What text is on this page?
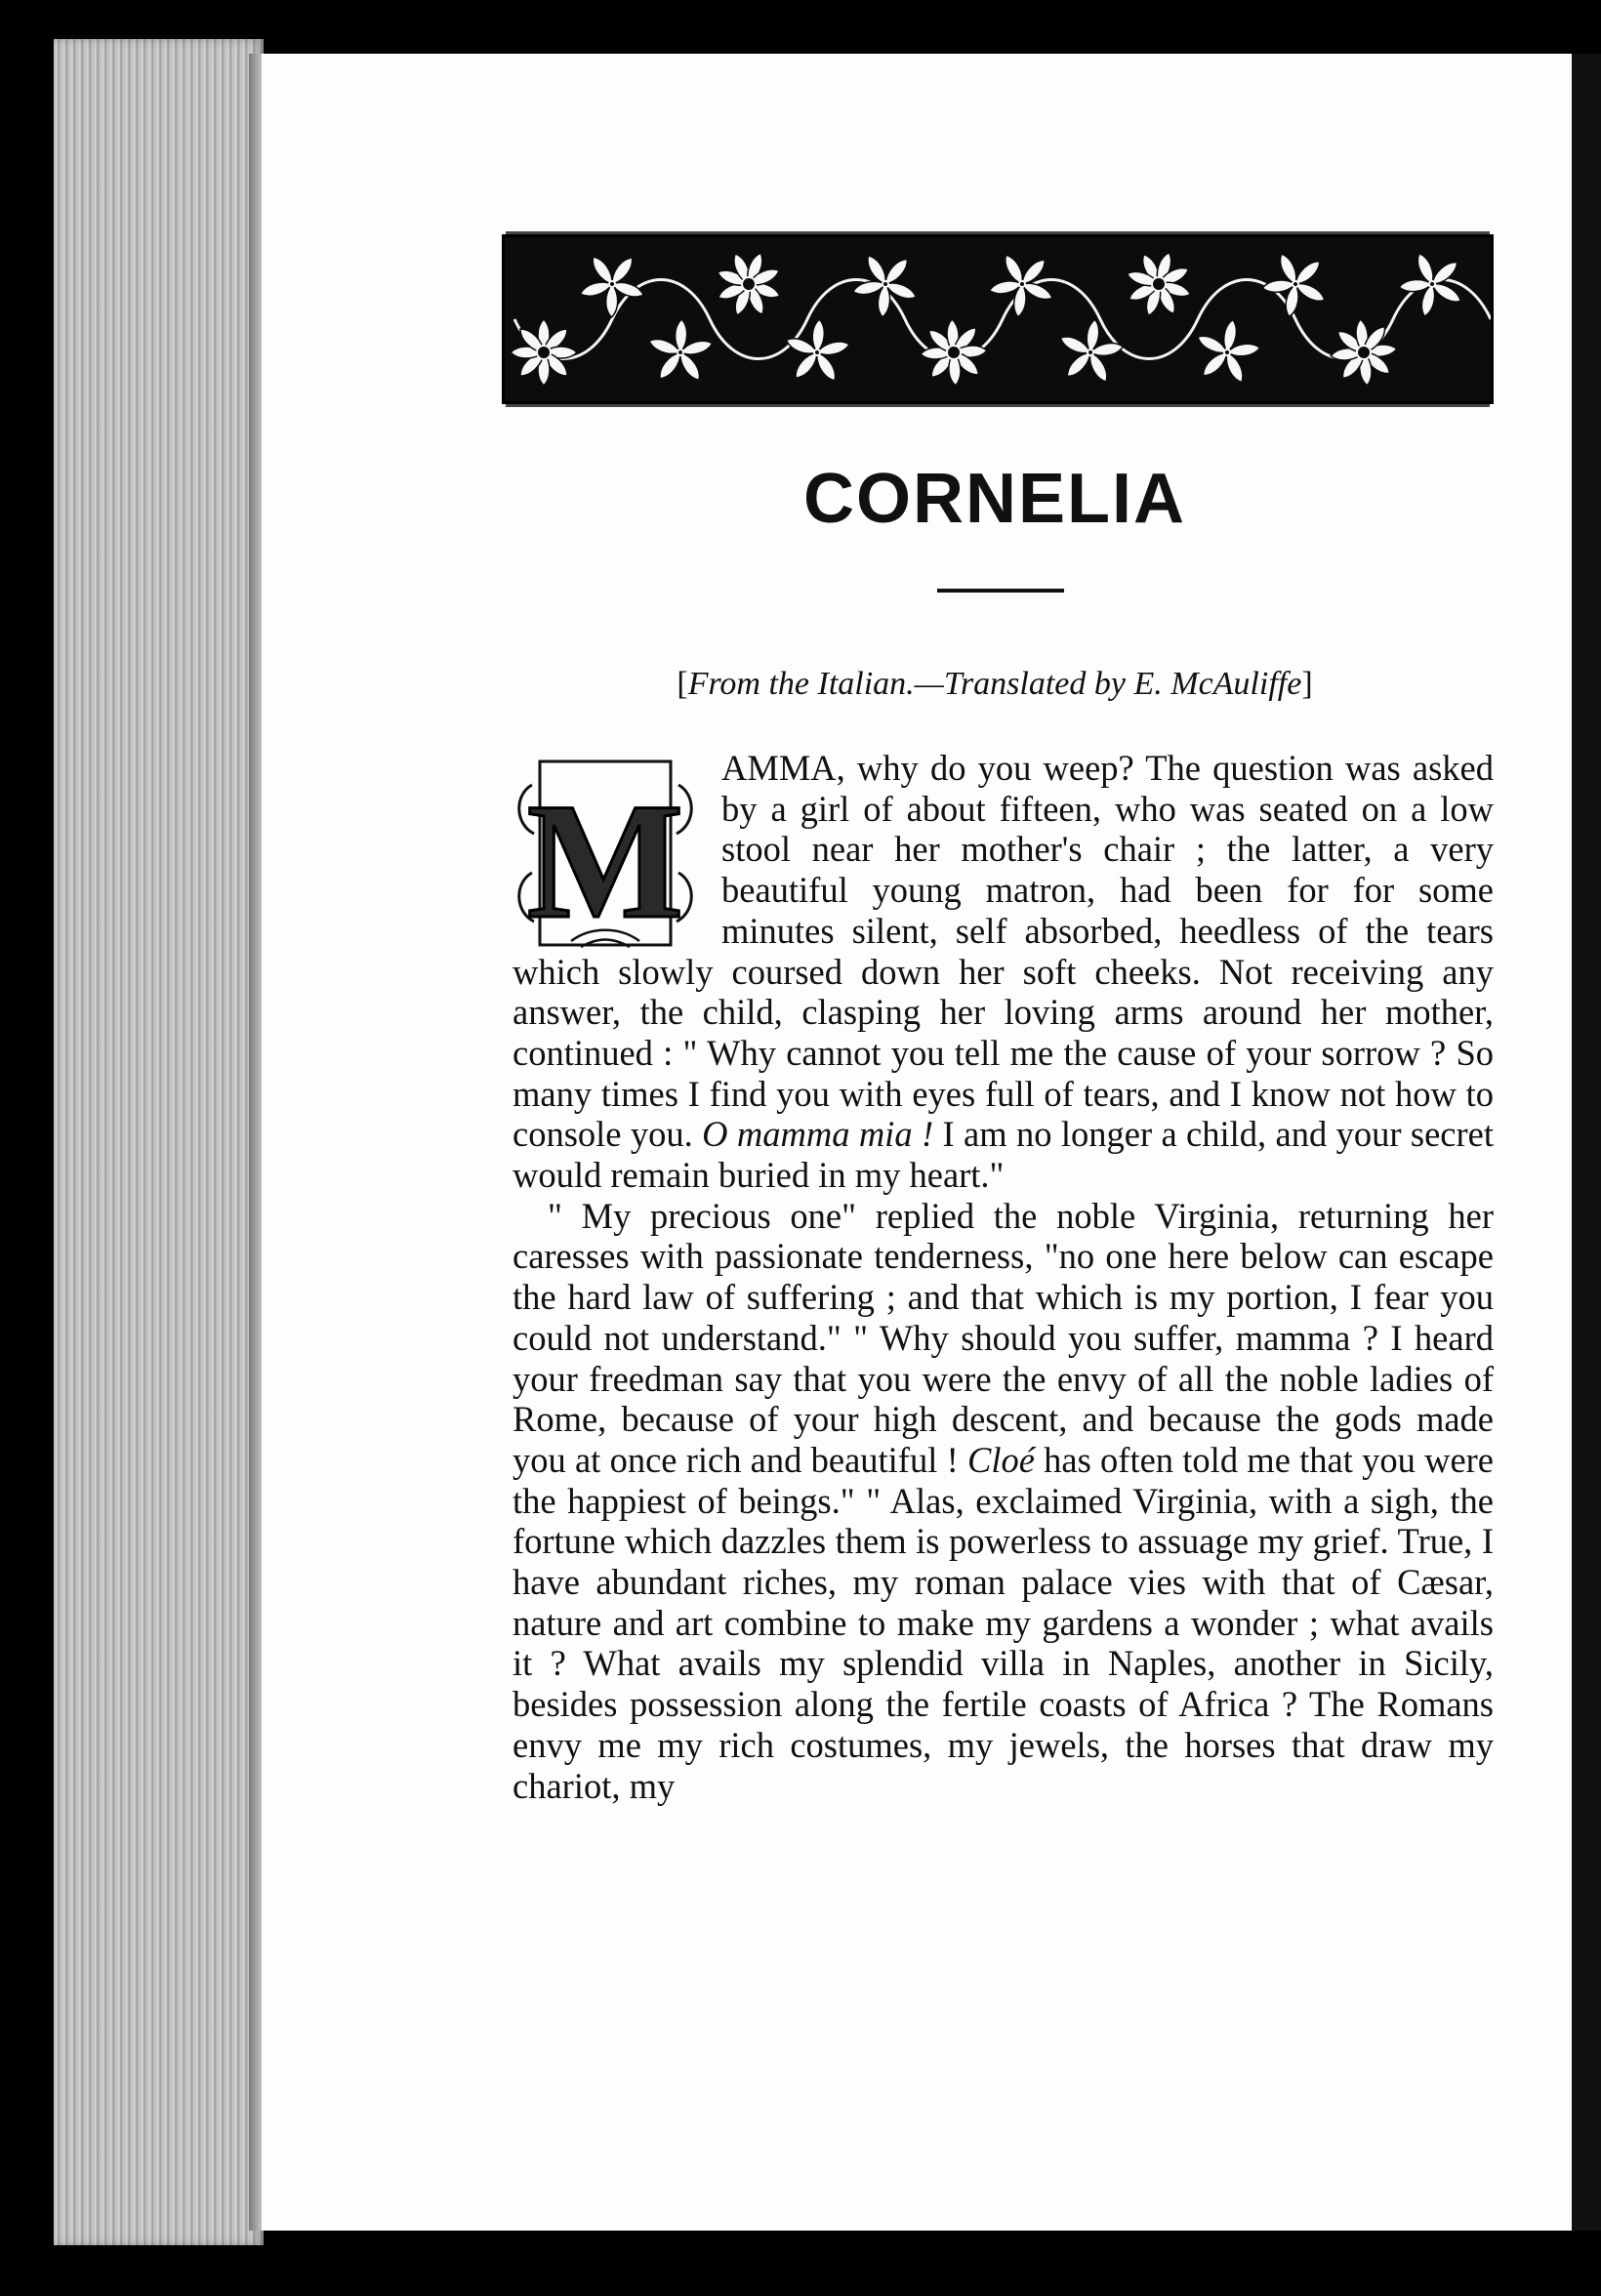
CORNELIA
[From the Italian.—Translated by E. McAuliffe]
M

AMMA, why do you weep? The question was asked by a girl of about fifteen, who was seated on a low stool near her mother's chair ; the latter, a very beautiful young matron, had been for for some minutes silent, self absorbed, heedless of the tears which slowly coursed down her soft cheeks. Not receiving any answer, the child, clasping her loving arms around her mother, continued : " Why cannot you tell me the cause of your sorrow ? So many times I find you with eyes full of tears, and I know not how to console you. O mamma mia ! I am no longer a child, and your secret would remain buried in my heart."

" My precious one" replied the noble Virginia, returning her caresses with passionate tenderness, "no one here below can escape the hard law of suffering ; and that which is my portion, I fear you could not understand." " Why should you suffer, mamma ? I heard your freedman say that you were the envy of all the noble ladies of Rome, because of your high descent, and because the gods made you at once rich and beautiful ! Cloé has often told me that you were the happiest of beings." " Alas, exclaimed Virginia, with a sigh, the fortune which dazzles them is powerless to assuage my grief. True, I have abundant riches, my roman palace vies with that of Cæsar, nature and art combine to make my gardens a wonder ; what avails it ? What avails my splendid villa in Naples, another in Sicily, besides possession along the fertile coasts of Africa ? The Romans envy me my rich costumes, my jewels, the horses that draw my chariot, my
